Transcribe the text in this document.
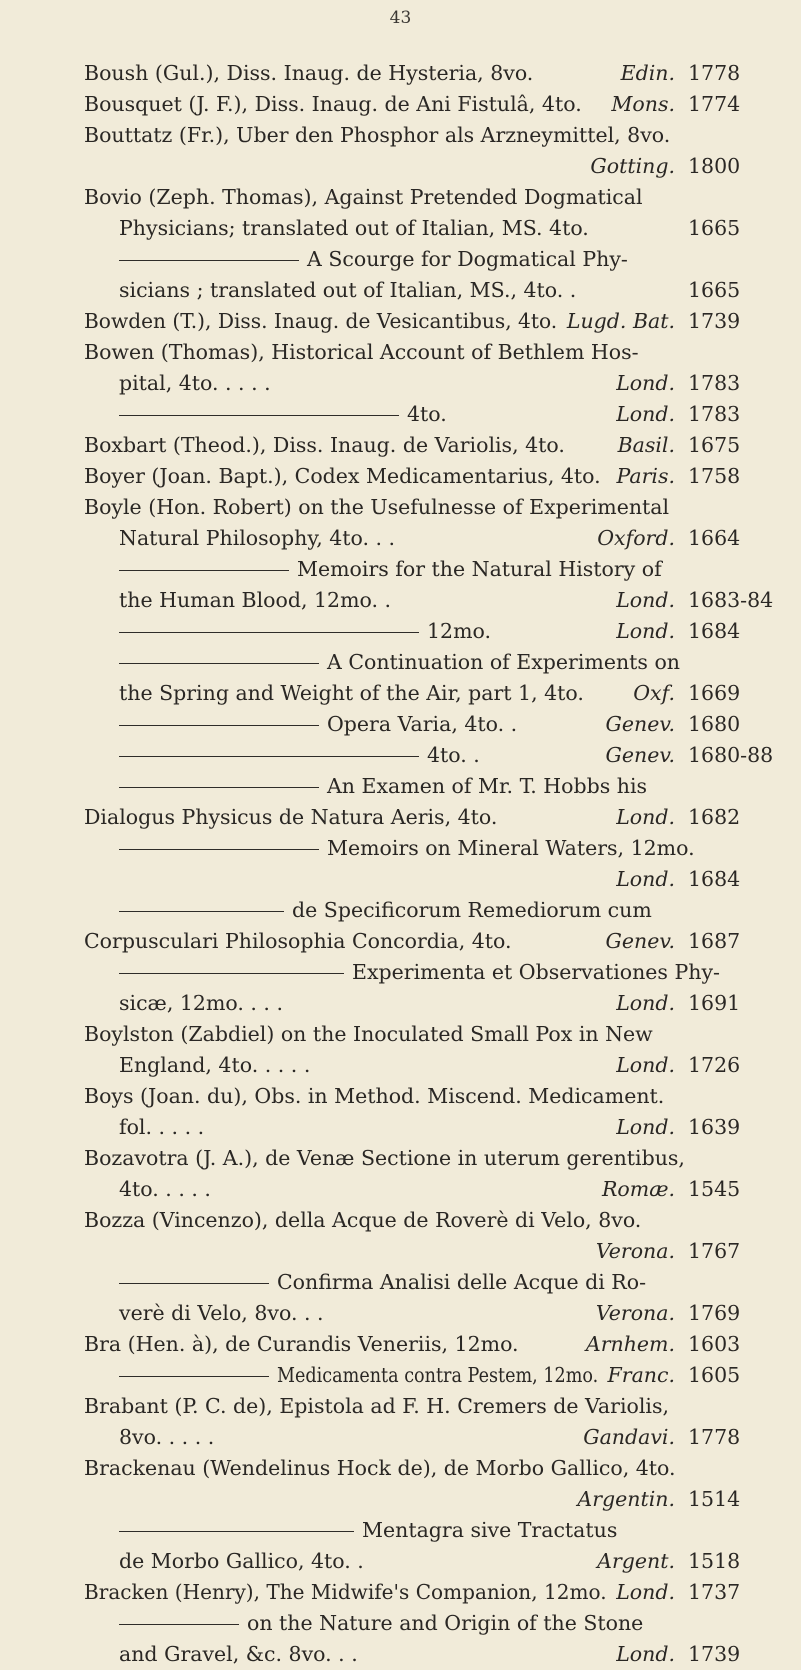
43
Boush (Gul.), Diss. Inaug. de Hysteria, 8vo.	Edin. 1778
Bousquet (J. F.), Diss. Inaug. de Ani Fistulâ, 4to. Mons. 1774
Bouttatz (Fr.), Uber den Phosphor als Arzneymittel, 8vo.
Gotting. 1800
Bovio (Zeph. Thomas), Against Pretended Dogmatical
Physicians; translated out of Italian, MS. 4to.	1665
A Scourge for Dogmatical Phy-
sicians ; translated out of Italian, MS., 4to. .	1665
Bowden (T.), Diss. Inaug. de Vesicantibus, 4to. Lugd. Bat. 1739
Bowen (Thomas), Historical Account of Bethlem Hos-
pital, 4to. . . . .	Lond. 1783
4to.	Lond. 1783
Boxbart (Theod.), Diss. Inaug. de Variolis, 4to.	Basil. 1675
Boyer (Joan. Bapt.), Codex Medicamentarius, 4to. Paris. 1758
Boyle (Hon. Robert) on the Usefulnesse of Experimental
Natural Philosophy, 4to. . .	Oxford. 1664
Memoirs for the Natural History of
the Human Blood, 12mo. .	Lond. 1683-84
12mo.	Lond. 1684
A Continuation of Experiments on
the Spring and Weight of the Air, part 1, 4to. Oxf. 1669
Opera Varia, 4to. .	Genev. 1680
4to. .	Genev. 1680-88
An Examen of Mr. T. Hobbs his
Dialogus Physicus de Natura Aeris, 4to.	Lond. 1682
Memoirs on Mineral Waters, 12mo.
Lond. 1684
de Specificorum Remediorum cum
Corpusculari Philosophia Concordia, 4to.	Genev. 1687
Experimenta et Observationes Phy-
sicæ, 12mo. . . .	Lond. 1691
Boylston (Zabdiel) on the Inoculated Small Pox in New
England, 4to. . . . .	Lond. 1726
Boys (Joan. du), Obs. in Method. Miscend. Medicament.
fol. . . . .	Lond. 1639
Bozavotra (J. A.), de Venæ Sectione in uterum gerentibus,
4to. . . . .	Romæ. 1545
Bozza (Vincenzo), della Acque de Roverè di Velo, 8vo.
Verona. 1767
Confirma Analisi delle Acque di Ro-
verè di Velo, 8vo. . .	Verona. 1769
Bra (Hen. à), de Curandis Veneriis, 12mo.	Arnhem. 1603
Medicamenta contra Pestem, 12mo. Franc. 1605
Brabant (P. C. de), Epistola ad F. H. Cremers de Variolis,
8vo. . . . .	Gandavi. 1778
Brackenau (Wendelinus Hock de), de Morbo Gallico, 4to.
Argentin. 1514
Mentagra sive Tractatus
de Morbo Gallico, 4to. .	Argent. 1518
Bracken (Henry), The Midwife's Companion, 12mo. Lond. 1737
on the Nature and Origin of the Stone
and Gravel, &c. 8vo. . .	Lond. 1739
